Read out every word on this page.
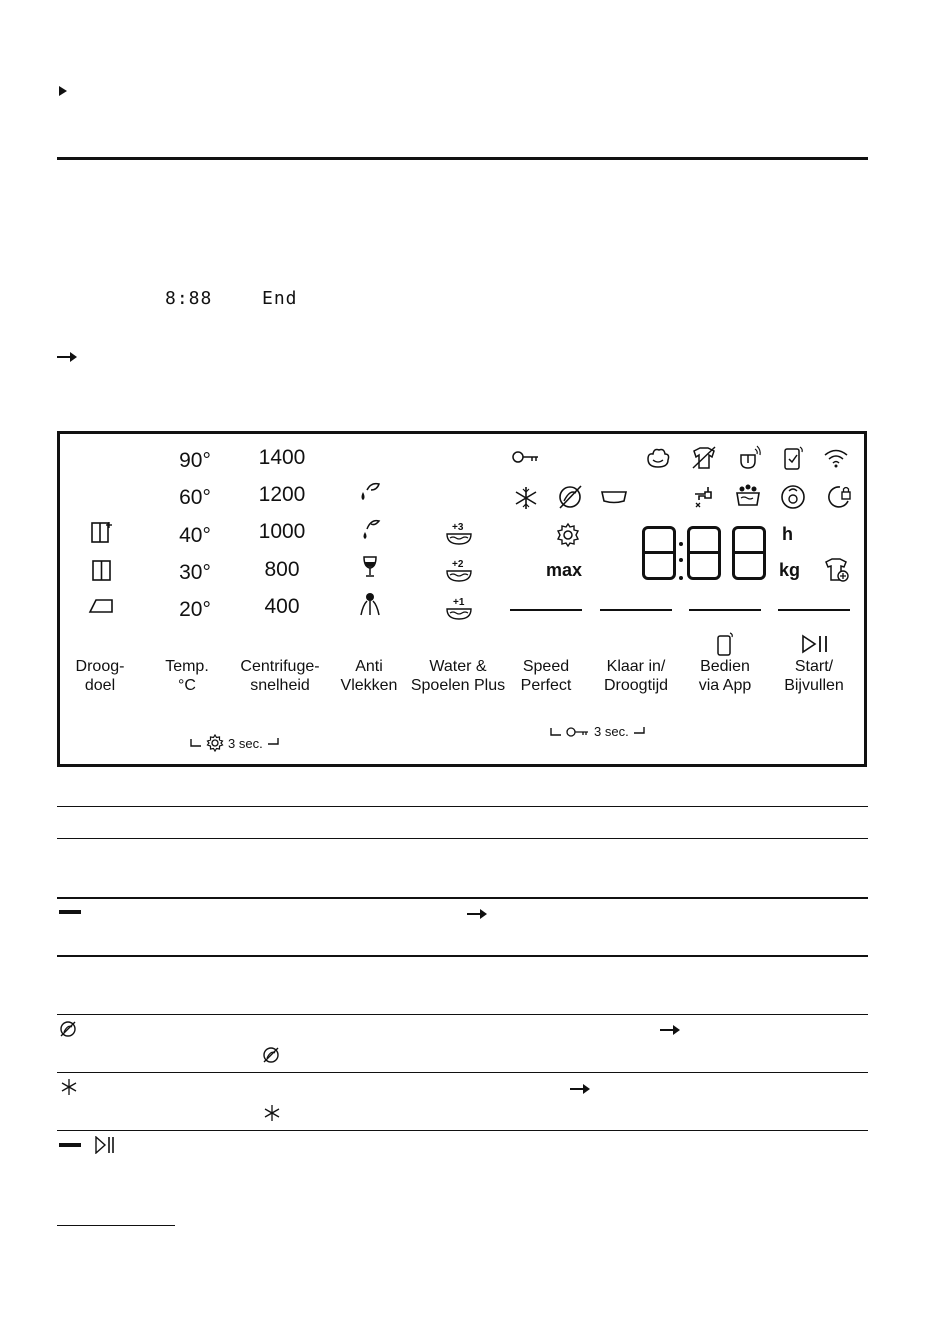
8:88	End
90°
60°
40°
30°
20°
1400
1200
1000
800
400
+3
+2
+1
max
h
kg
Droog-
doel
Temp.
°C
Centrifuge-
snelheid
Anti
Vlekken
Water &
Spoelen Plus
Speed
Perfect
Klaar in/
Droogtijd
Bedien
via App
Start/
Bijvullen
3 sec.
3 sec.
